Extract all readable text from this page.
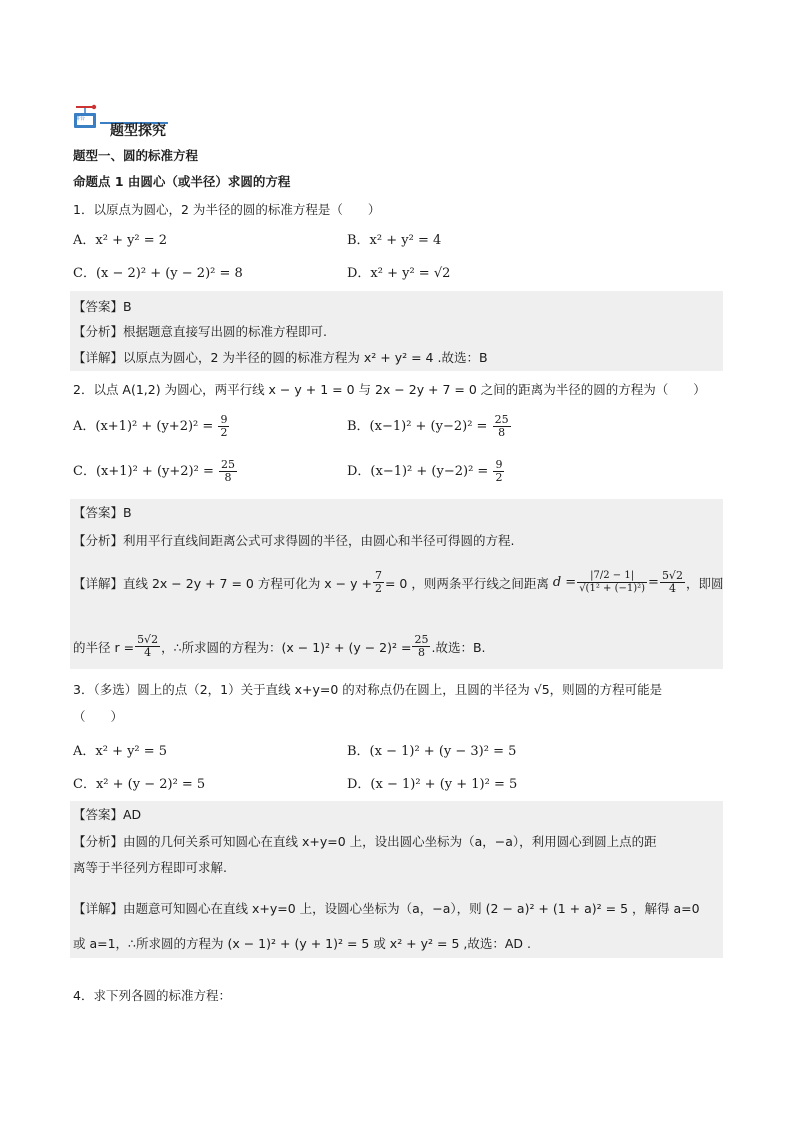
讲台
题型探究
题型一、圆的标准方程
命题点 1 由圆心（或半径）求圆的方程
1．以原点为圆心，2 为半径的圆的标准方程是（　　）
A．x² + y² = 2	B．x² + y² = 4
C．(x − 2)² + (y − 2)² = 8	D．x² + y² = √2
【答案】B
【分析】根据题意直接写出圆的标准方程即可.
【详解】以原点为圆心，2 为半径的圆的标准方程为 x² + y² = 4 .故选：B
2．以点 A(1,2) 为圆心，两平行线 x − y + 1 = 0 与 2x − 2y + 7 = 0 之间的距离为半径的圆的方程为（　　）
A．$(x+1)^2 + (y+2)^2 = \frac{9}{2}$	B．$(x-1)^2 + (y-2)^2 = \frac{25}{8}$
C．$(x+1)^2 + (y+2)^2 = \frac{25}{8}$	D．$(x-1)^2 + (y-2)^2 = \frac{9}{2}$
【答案】B
【分析】利用平行直线间距离公式可求得圆的半径，由圆心和半径可得圆的方程.
【详解】直线 2x − 2y + 7 = 0 方程可化为 $x - y + \frac{7}{2} = 0$ ，则两条平行线之间距离 $d = \frac{|7/2 - 1|}{\text{√(1² + (−1)²)}} = \frac{5√2}{4}$ ，即圆
的半径 $r = \frac{5√2}{4}$ ，∴所求圆的方程为：$(x - 1)^2 + (y - 2)^2 = \frac{25}{8}$ .故选：B.
3．（多选）圆上的点（2，1）关于直线 x+y=0 的对称点仍在圆上，且圆的半径为 √5，则圆的方程可能是
（　　）
A．x² + y² = 5	B．(x − 1)² + (y − 3)² = 5
C．x² + (y − 2)² = 5	D．(x − 1)² + (y + 1)² = 5
【答案】AD
【分析】由圆的几何关系可知圆心在直线 x+y=0 上，设出圆心坐标为（a，−a），利用圆心到圆上点的距
离等于半径列方程即可求解.
【详解】由题意可知圆心在直线 x+y=0 上，设圆心坐标为（a，−a），则 (2 − a)² + (1 + a)² = 5 ，解得 a=0
或 a=1，∴所求圆的方程为 (x − 1)² + (y + 1)² = 5 或 x² + y² = 5 ,故选：AD .
4．求下列各圆的标准方程：
